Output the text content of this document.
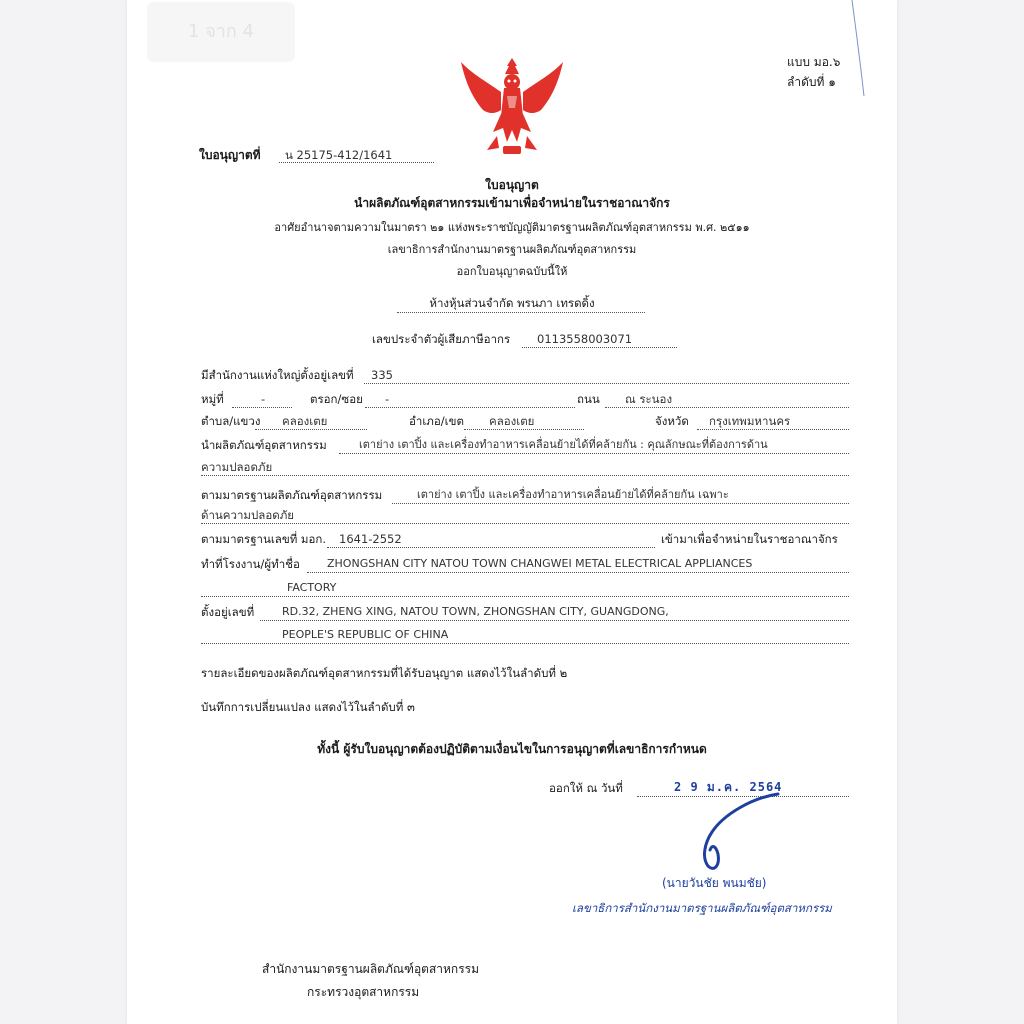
1 จาก 4
แบบ มอ.๖
ลำดับที่ ๑
ใบอนุญาตที่ น 25175-412/1641
ใบอนุญาต
นำผลิตภัณฑ์อุตสาหกรรมเข้ามาเพื่อจำหน่ายในราชอาณาจักร
อาศัยอำนาจตามความในมาตรา ๒๑ แห่งพระราชบัญญัติมาตรฐานผลิตภัณฑ์อุตสาหกรรม พ.ศ. ๒๕๑๑
เลขาธิการสำนักงานมาตรฐานผลิตภัณฑ์อุตสาหกรรม
ออกใบอนุญาตฉบับนี้ให้
ห้างหุ้นส่วนจำกัด พรนภา เทรดดิ้ง
เลขประจำตัวผู้เสียภาษีอากร 0113558003071
มีสำนักงานแห่งใหญ่ตั้งอยู่เลขที่ 335
หมู่ที่	-	ตรอก/ซอย -	ถนน ณ ระนอง
ตำบล/แขวง คลองเตย	อำเภอ/เขต คลองเตย	จังหวัด กรุงเทพมหานคร
นำผลิตภัณฑ์อุตสาหกรรม	เตาย่าง เตาปิ้ง และเครื่องทำอาหารเคลื่อนย้ายได้ที่คล้ายกัน : คุณลักษณะที่ต้องการด้าน
ความปลอดภัย
ตามมาตรฐานผลิตภัณฑ์อุตสาหกรรม	เตาย่าง เตาปิ้ง และเครื่องทำอาหารเคลื่อนย้ายได้ที่คล้ายกัน เฉพาะ
ด้านความปลอดภัย
ตามมาตรฐานเลขที่ มอก. 1641-2552	เข้ามาเพื่อจำหน่ายในราชอาณาจักร
ทำที่โรงงาน/ผู้ทำชื่อ ZHONGSHAN CITY NATOU TOWN CHANGWEI METAL ELECTRICAL APPLIANCES
FACTORY
ตั้งอยู่เลขที่	RD.32, ZHENG XING, NATOU TOWN, ZHONGSHAN CITY, GUANGDONG,
PEOPLE'S REPUBLIC OF CHINA
รายละเอียดของผลิตภัณฑ์อุตสาหกรรมที่ได้รับอนุญาต แสดงไว้ในลำดับที่ ๒
บันทึกการเปลี่ยนแปลง แสดงไว้ในลำดับที่ ๓
ทั้งนี้ ผู้รับใบอนุญาตต้องปฏิบัติตามเงื่อนไขในการอนุญาตที่เลขาธิการกำหนด
ออกให้ ณ วันที่	2 9 ม.ค. 2564
(นายวันชัย พนมชัย)
เลขาธิการสำนักงานมาตรฐานผลิตภัณฑ์อุตสาหกรรม
สำนักงานมาตรฐานผลิตภัณฑ์อุตสาหกรรม
กระทรวงอุตสาหกรรม
